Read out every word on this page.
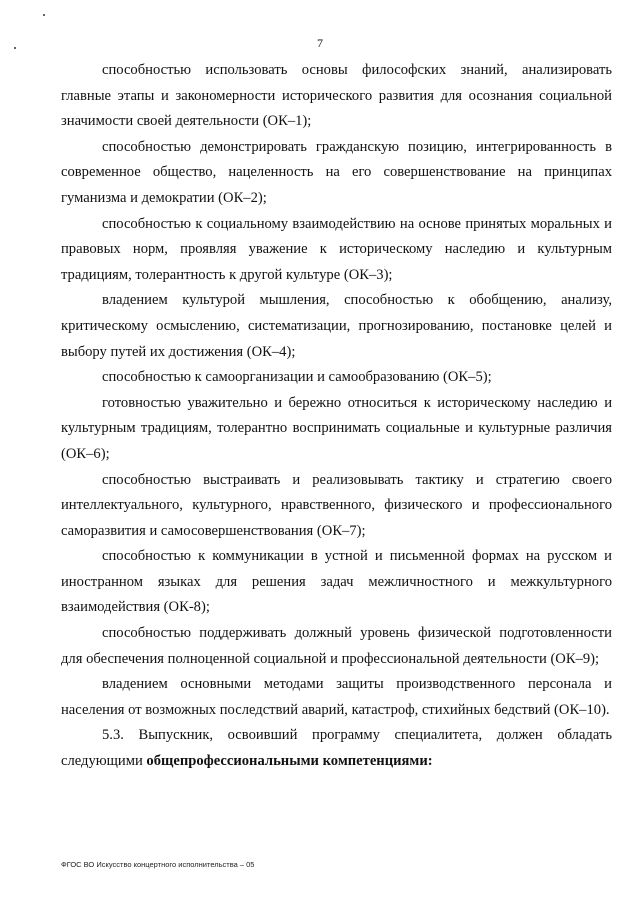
7

способностью использовать основы философских знаний, анализировать главные этапы и закономерности исторического развития для осознания социальной значимости своей деятельности (ОК–1);

способностью демонстрировать гражданскую позицию, интегрированность в современное общество, нацеленность на его совершенствование на принципах гуманизма и демократии (ОК–2);

способностью к социальному взаимодействию на основе принятых моральных и правовых норм, проявляя уважение к историческому наследию и культурным традициям, толерантность к другой культуре (ОК–3);

владением культурой мышления, способностью к обобщению, анализу, критическому осмыслению, систематизации, прогнозированию, постановке целей и выбору путей их достижения (ОК–4);

способностью к самоорганизации и самообразованию (ОК–5);

готовностью уважительно и бережно относиться к историческому наследию и культурным традициям, толерантно воспринимать социальные и культурные различия (ОК–6);

способностью выстраивать и реализовывать тактику и стратегию своего интеллектуального, культурного, нравственного, физического и профессионального саморазвития и самосовершенствования (ОК–7);

способностью к коммуникации в устной и письменной формах на русском и иностранном языках для решения задач межличностного и межкультурного взаимодействия (ОК-8);

способностью поддерживать должный уровень физической подготовленности для обеспечения полноценной социальной и профессиональной деятельности (ОК–9);

владением основными методами защиты производственного персонала и населения от возможных последствий аварий, катастроф, стихийных бедствий (ОК–10).

5.3. Выпускник, освоивший программу специалитета, должен обладать следующими общепрофессиональными компетенциями:

ФГОС ВО Искусство концертного исполнительства – 05
